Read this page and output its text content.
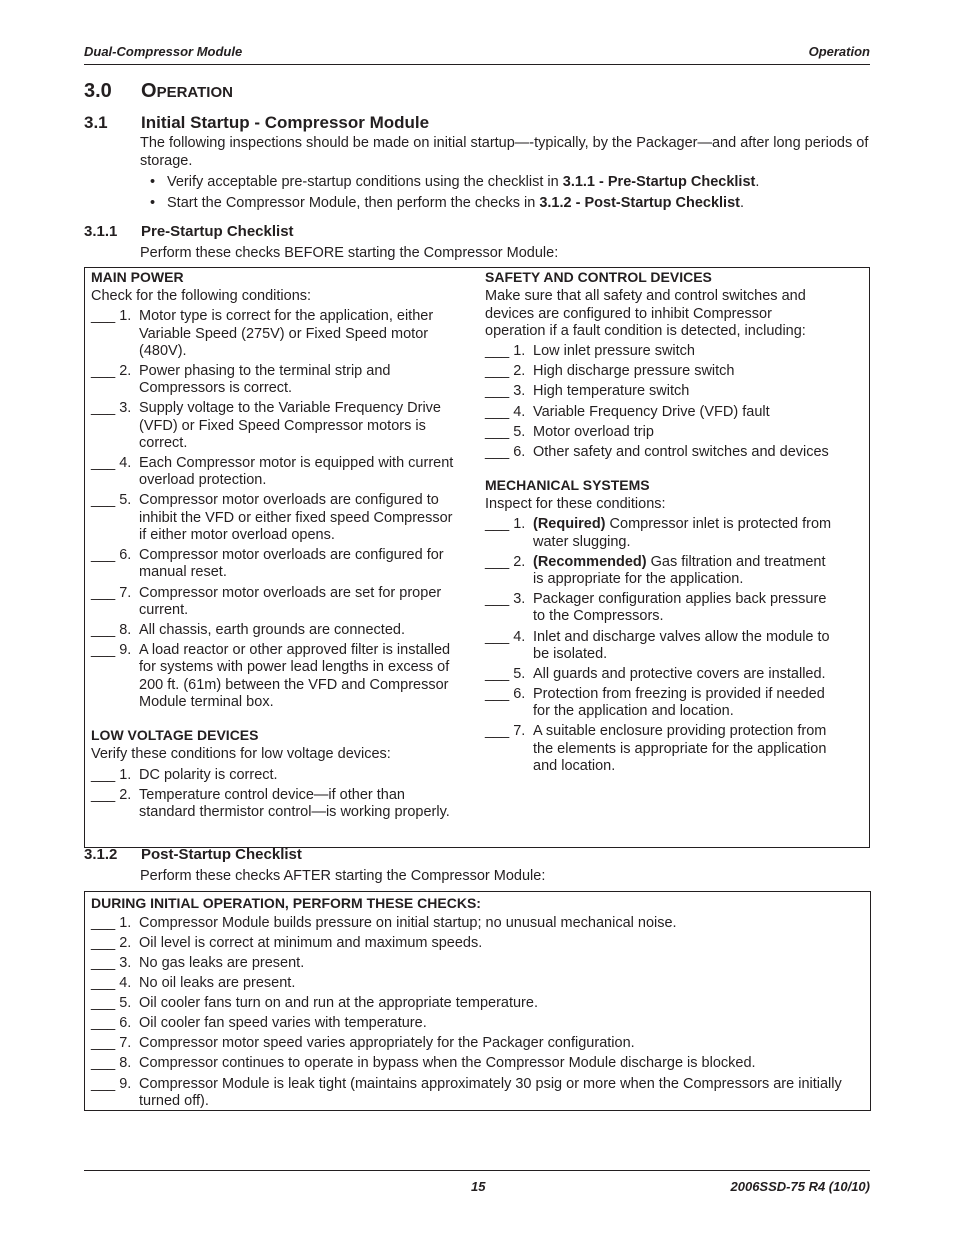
Dual-Compressor Module	Operation
3.0 OPERATION
3.1 Initial Startup - Compressor Module
The following inspections should be made on initial startup—-typically, by the Packager—and after long periods of storage.
• Verify acceptable pre-startup conditions using the checklist in 3.1.1 - Pre-Startup Checklist.
• Start the Compressor Module, then perform the checks in 3.1.2 - Post-Startup Checklist.
3.1.1 Pre-Startup Checklist
Perform these checks BEFORE starting the Compressor Module:
MAIN POWER
Check for the following conditions:
___ 1. Motor type is correct for the application, either Variable Speed (275V) or Fixed Speed motor (480V).
___ 2. Power phasing to the terminal strip and Compressors is correct.
___ 3. Supply voltage to the Variable Frequency Drive (VFD) or Fixed Speed Compressor motors is correct.
___ 4. Each Compressor motor is equipped with current overload protection.
___ 5. Compressor motor overloads are configured to inhibit the VFD or either fixed speed Compressor if either motor overload opens.
___ 6. Compressor motor overloads are configured for manual reset.
___ 7. Compressor motor overloads are set for proper current.
___ 8. All chassis, earth grounds are connected.
___ 9. A load reactor or other approved filter is installed for systems with power lead lengths in excess of 200 ft. (61m) between the VFD and Compressor Module terminal box.
LOW VOLTAGE DEVICES
Verify these conditions for low voltage devices:
___ 1. DC polarity is correct.
___ 2. Temperature control device—if other than standard thermistor control—is working properly.
SAFETY AND CONTROL DEVICES
Make sure that all safety and control switches and devices are configured to inhibit Compressor operation if a fault condition is detected, including:
___ 1. Low inlet pressure switch
___ 2. High discharge pressure switch
___ 3. High temperature switch
___ 4. Variable Frequency Drive (VFD) fault
___ 5. Motor overload trip
___ 6. Other safety and control switches and devices
MECHANICAL SYSTEMS
Inspect for these conditions:
___ 1. (Required) Compressor inlet is protected from water slugging.
___ 2. (Recommended) Gas filtration and treatment is appropriate for the application.
___ 3. Packager configuration applies back pressure to the Compressors.
___ 4. Inlet and discharge valves allow the module to be isolated.
___ 5. All guards and protective covers are installed.
___ 6. Protection from freezing is provided if needed for the application and location.
___ 7. A suitable enclosure providing protection from the elements is appropriate for the application and location.
3.1.2 Post-Startup Checklist
Perform these checks AFTER starting the Compressor Module:
DURING INITIAL OPERATION, PERFORM THESE CHECKS:
___ 1. Compressor Module builds pressure on initial startup; no unusual mechanical noise.
___ 2. Oil level is correct at minimum and maximum speeds.
___ 3. No gas leaks are present.
___ 4. No oil leaks are present.
___ 5. Oil cooler fans turn on and run at the appropriate temperature.
___ 6. Oil cooler fan speed varies with temperature.
___ 7. Compressor motor speed varies appropriately for the Packager configuration.
___ 8. Compressor continues to operate in bypass when the Compressor Module discharge is blocked.
___ 9. Compressor Module is leak tight (maintains approximately 30 psig or more when the Compressors are initially turned off).
15	2006SSD-75 R4 (10/10)
